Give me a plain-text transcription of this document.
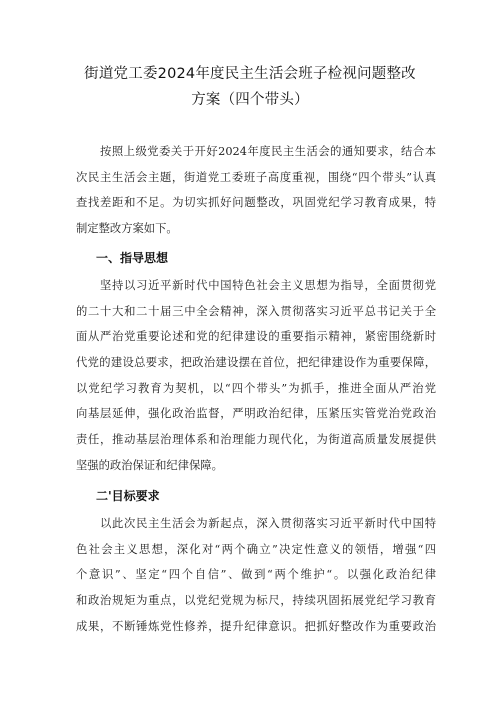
街道党工委2024年度民主生活会班子检视问题整改
方案（四个带头）
按照上级党委关于开好2024年度民主生活会的通知要求，结合本
次民主生活会主题，街道党工委班子高度重视，围绕“四个带头”认真
查找差距和不足。为切实抓好问题整改，巩固党纪学习教育成果，特
制定整改方案如下。
一、指导思想
坚持以习近平新时代中国特色社会主义思想为指导，全面贯彻党
的二十大和二十届三中全会精神，深入贯彻落实习近平总书记关于全
面从严治党重要论述和党的纪律建设的重要指示精神，紧密围绕新时
代党的建设总要求，把政治建设摆在首位，把纪律建设作为重要保障，
以党纪学习教育为契机，以“四个带头”为抓手，推进全面从严治党
向基层延伸，强化政治监督，严明政治纪律，压紧压实管党治党政治
责任，推动基层治理体系和治理能力现代化，为街道高质量发展提供
坚强的政治保证和纪律保障。
二'目标要求
以此次民主生活会为新起点，深入贯彻落实习近平新时代中国特
色社会主义思想，深化对“两个确立”决定性意义的领悟，增强“四
个意识”、坚定“四个自信”、做到“两个维护“。以强化政治纪律
和政治规矩为重点，以党纪党规为标尺，持续巩固拓展党纪学习教育
成果，不断锤炼党性修养，提升纪律意识。把抓好整改作为重要政治
